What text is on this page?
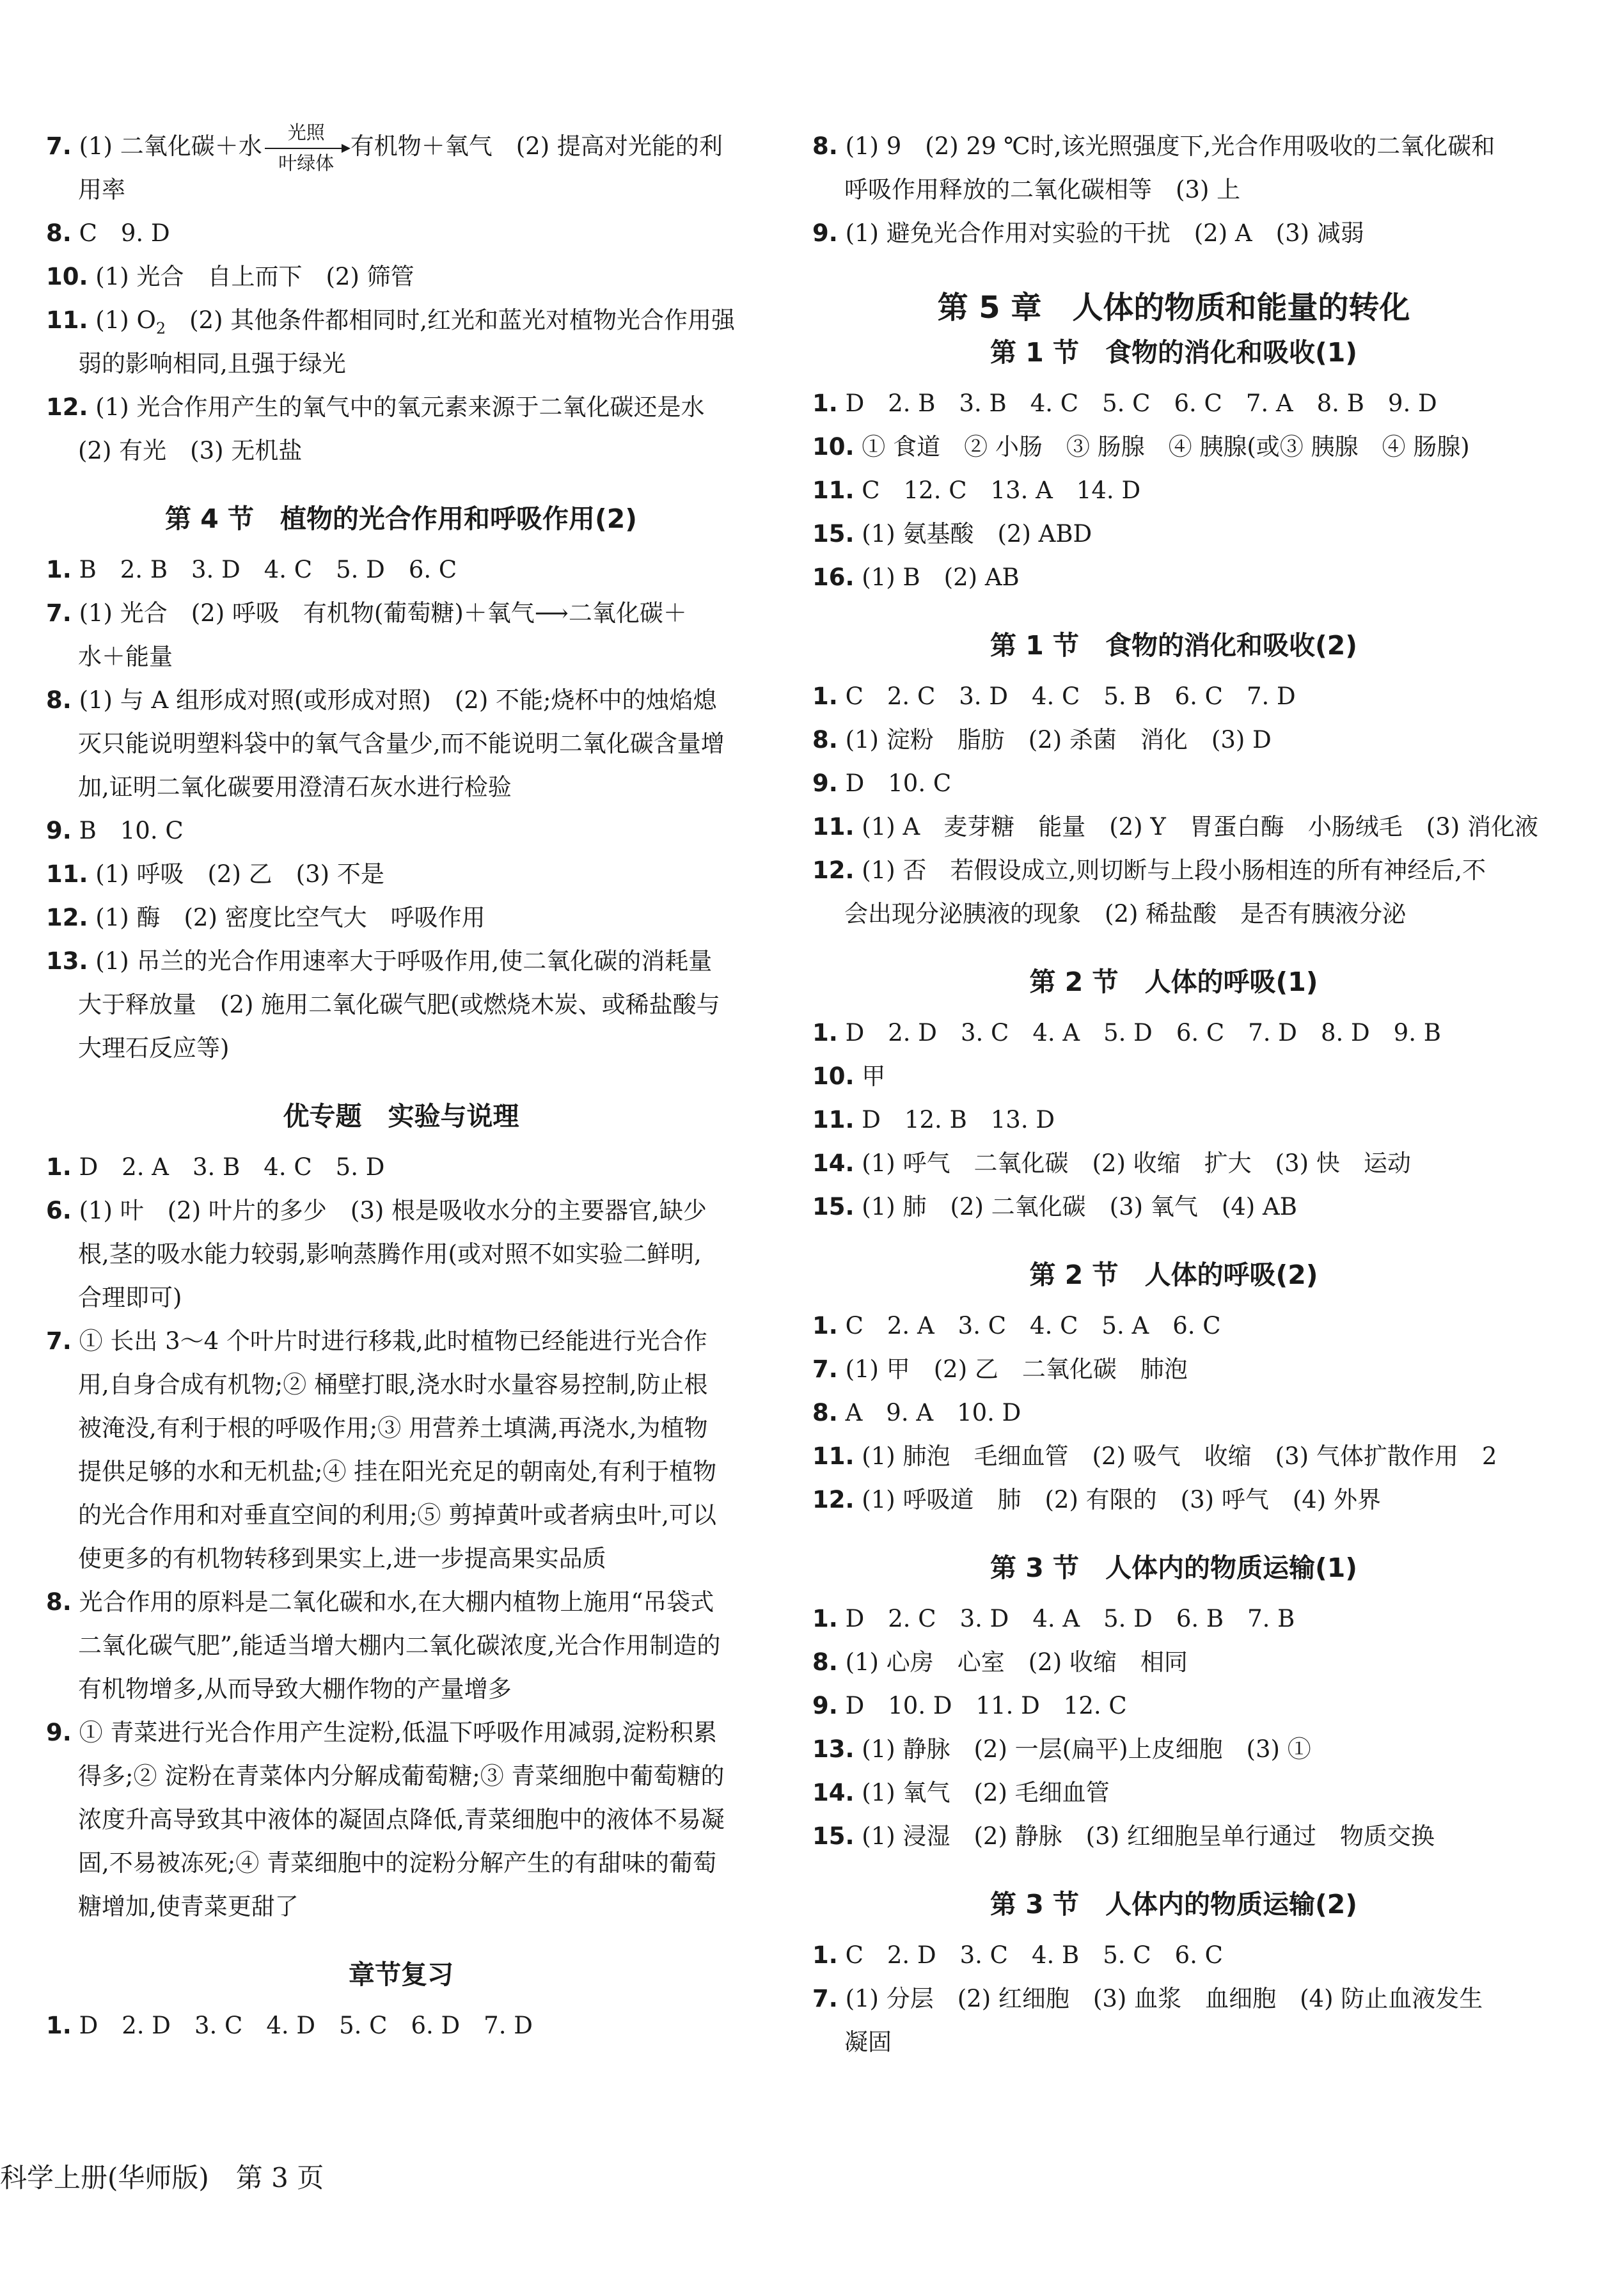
7. (1) 二氧化碳＋水	光照
叶绿体
有机物＋氧气　(2) 提高对光能的利
用率
8. C　9. D
10. (1) 光合　自上而下　(2) 筛管
11. (1) $O_2$　(2) 其他条件都相同时,红光和蓝光对植物光合作用强
弱的影响相同,且强于绿光
12. (1) 光合作用产生的氧气中的氧元素来源于二氧化碳还是水
(2) 有光　(3) 无机盐
第 4 节　植物的光合作用和呼吸作用(2)
1. B　2. B　3. D　4. C　5. D　6. C
7. (1) 光合　(2) 呼吸　有机物(葡萄糖)＋氧气⟶二氧化碳＋
水＋能量
8. (1) 与 A 组形成对照(或形成对照)　(2) 不能;烧杯中的烛焰熄
灭只能说明塑料袋中的氧气含量少,而不能说明二氧化碳含量增
加,证明二氧化碳要用澄清石灰水进行检验
9. B　10. C
11. (1) 呼吸　(2) 乙　(3) 不是
12. (1) 酶　(2) 密度比空气大　呼吸作用
13. (1) 吊兰的光合作用速率大于呼吸作用,使二氧化碳的消耗量
大于释放量　(2) 施用二氧化碳气肥(或燃烧木炭、或稀盐酸与
大理石反应等)
优专题　实验与说理
1. D　2. A　3. B　4. C　5. D
6. (1) 叶　(2) 叶片的多少　(3) 根是吸收水分的主要器官,缺少
根,茎的吸水能力较弱,影响蒸腾作用(或对照不如实验二鲜明,
合理即可)
7. ① 长出 3～4 个叶片时进行移栽,此时植物已经能进行光合作
用,自身合成有机物;② 桶壁打眼,浇水时水量容易控制,防止根
被淹没,有利于根的呼吸作用;③ 用营养土填满,再浇水,为植物
提供足够的水和无机盐;④ 挂在阳光充足的朝南处,有利于植物
的光合作用和对垂直空间的利用;⑤ 剪掉黄叶或者病虫叶,可以
使更多的有机物转移到果实上,进一步提高果实品质
8. 光合作用的原料是二氧化碳和水,在大棚内植物上施用“吊袋式
二氧化碳气肥”,能适当增大棚内二氧化碳浓度,光合作用制造的
有机物增多,从而导致大棚作物的产量增多
9. ① 青菜进行光合作用产生淀粉,低温下呼吸作用减弱,淀粉积累
得多;② 淀粉在青菜体内分解成葡萄糖;③ 青菜细胞中葡萄糖的
浓度升高导致其中液体的凝固点降低,青菜细胞中的液体不易凝
固,不易被冻死;④ 青菜细胞中的淀粉分解产生的有甜味的葡萄
糖增加,使青菜更甜了
章节复习
1. D　2. D　3. C　4. D　5. C　6. D　7. D
8. (1) 9　(2) 29 ℃时,该光照强度下,光合作用吸收的二氧化碳和
呼吸作用释放的二氧化碳相等　(3) 上
9. (1) 避免光合作用对实验的干扰　(2) A　(3) 减弱
第 5 章　人体的物质和能量的转化
第 1 节　食物的消化和吸收(1)
1. D　2. B　3. B　4. C　5. C　6. C　7. A　8. B　9. D
10. ① 食道　② 小肠　③ 肠腺　④ 胰腺(或③ 胰腺　④ 肠腺)
11. C　12. C　13. A　14. D
15. (1) 氨基酸　(2) ABD
16. (1) B　(2) AB
第 1 节　食物的消化和吸收(2)
1. C　2. C　3. D　4. C　5. B　6. C　7. D
8. (1) 淀粉　脂肪　(2) 杀菌　消化　(3) D
9. D　10. C
11. (1) A　麦芽糖　能量　(2) Y　胃蛋白酶　小肠绒毛　(3) 消化液
12. (1) 否　若假设成立,则切断与上段小肠相连的所有神经后,不
会出现分泌胰液的现象　(2) 稀盐酸　是否有胰液分泌
第 2 节　人体的呼吸(1)
1. D　2. D　3. C　4. A　5. D　6. C　7. D　8. D　9. B
10. 甲
11. D　12. B　13. D
14. (1) 呼气　二氧化碳　(2) 收缩　扩大　(3) 快　运动
15. (1) 肺　(2) 二氧化碳　(3) 氧气　(4) AB
第 2 节　人体的呼吸(2)
1. C　2. A　3. C　4. C　5. A　6. C
7. (1) 甲　(2) 乙　二氧化碳　肺泡
8. A　9. A　10. D
11. (1) 肺泡　毛细血管　(2) 吸气　收缩　(3) 气体扩散作用　2
12. (1) 呼吸道　肺　(2) 有限的　(3) 呼气　(4) 外界
第 3 节　人体内的物质运输(1)
1. D　2. C　3. D　4. A　5. D　6. B　7. B
8. (1) 心房　心室　(2) 收缩　相同
9. D　10. D　11. D　12. C
13. (1) 静脉　(2) 一层(扁平)上皮细胞　(3) ①
14. (1) 氧气　(2) 毛细血管
15. (1) 浸湿　(2) 静脉　(3) 红细胞呈单行通过　物质交换
第 3 节　人体内的物质运输(2)
1. C　2. D　3. C　4. B　5. C　6. C
7. (1) 分层　(2) 红细胞　(3) 血浆　血细胞　(4) 防止血液发生
凝固
科学上册(华师版)　第 3 页
